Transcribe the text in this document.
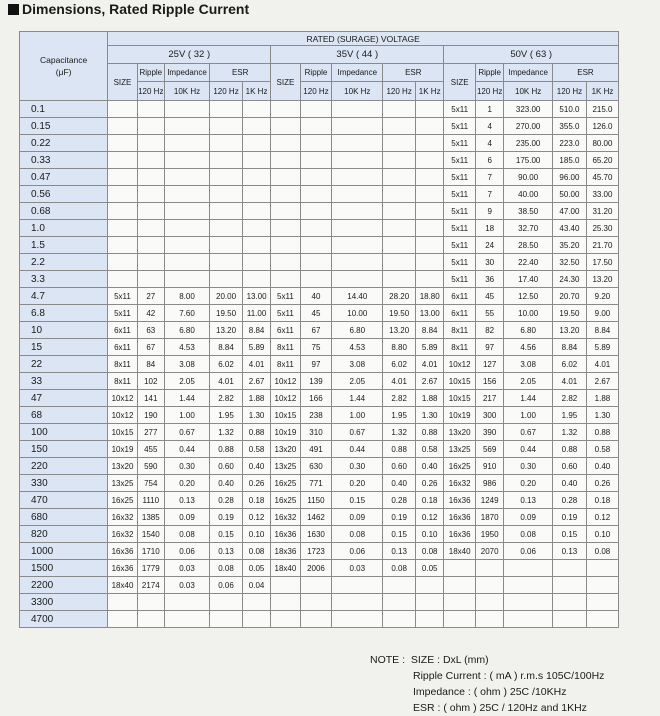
Dimensions, Rated Ripple Current
Capacitance
(μF)	RATED (SURAGE) VOLTAGE														
	25V ( 32 )					35V ( 44 )					50V ( 63 )				
	SIZE	Ripple	Impedance	ESR		SIZE	Ripple	Impedance	ESR		SIZE	Ripple	Impedance	ESR	
		120 Hz	10K Hz	120 Hz	1K Hz		120 Hz	10K Hz	120 Hz	1K Hz		120 Hz	10K Hz	120 Hz	1K Hz
0.1											5x11	1	323.00	510.0	215.0
0.15											5x11	4	270.00	355.0	126.0
0.22											5x11	4	235.00	223.0	80.00
0.33											5x11	6	175.00	185.0	65.20
0.47											5x11	7	90.00	96.00	45.70
0.56											5x11	7	40.00	50.00	33.00
0.68											5x11	9	38.50	47.00	31.20
1.0											5x11	18	32.70	43.40	25.30
1.5											5x11	24	28.50	35.20	21.70
2.2											5x11	30	22.40	32.50	17.50
3.3											5x11	36	17.40	24.30	13.20
4.7	5x11	27	8.00	20.00	13.00	5x11	40	14.40	28.20	18.80	6x11	45	12.50	20.70	9.20
6.8	5x11	42	7.60	19.50	11.00	5x11	45	10.00	19.50	13.00	6x11	55	10.00	19.50	9.00
10	6x11	63	6.80	13.20	8.84	6x11	67	6.80	13.20	8.84	8x11	82	6.80	13.20	8.84
15	6x11	67	4.53	8.84	5.89	8x11	75	4.53	8.80	5.89	8x11	97	4.56	8.84	5.89
22	8x11	84	3.08	6.02	4.01	8x11	97	3.08	6.02	4.01	10x12	127	3.08	6.02	4.01
33	8x11	102	2.05	4.01	2.67	10x12	139	2.05	4.01	2.67	10x15	156	2.05	4.01	2.67
47	10x12	141	1.44	2.82	1.88	10x12	166	1.44	2.82	1.88	10x15	217	1.44	2.82	1.88
68	10x12	190	1.00	1.95	1.30	10x15	238	1.00	1.95	1.30	10x19	300	1.00	1.95	1.30
100	10x15	277	0.67	1.32	0.88	10x19	310	0.67	1.32	0.88	13x20	390	0.67	1.32	0.88
150	10x19	455	0.44	0.88	0.58	13x20	491	0.44	0.88	0.58	13x25	569	0.44	0.88	0.58
220	13x20	590	0.30	0.60	0.40	13x25	630	0.30	0.60	0.40	16x25	910	0.30	0.60	0.40
330	13x25	754	0.20	0.40	0.26	16x25	771	0.20	0.40	0.26	16x32	986	0.20	0.40	0.26
470	16x25	1110	0.13	0.28	0.18	16x25	1150	0.15	0.28	0.18	16x36	1249	0.13	0.28	0.18
680	16x32	1385	0.09	0.19	0.12	16x32	1462	0.09	0.19	0.12	16x36	1870	0.09	0.19	0.12
820	16x32	1540	0.08	0.15	0.10	16x36	1630	0.08	0.15	0.10	16x36	1950	0.08	0.15	0.10
1000	16x36	1710	0.06	0.13	0.08	18x36	1723	0.06	0.13	0.08	18x40	2070	0.06	0.13	0.08
1500	16x36	1779	0.03	0.08	0.05	18x40	2006	0.03	0.08	0.05					
2200	18x40	2174	0.03	0.06	0.04										
3300															
4700															
NOTE : SIZE : DxL (mm)
Ripple Current : ( mA ) r.m.s 105C/100Hz
Impedance : ( ohm ) 25C /10KHz
ESR : ( ohm ) 25C / 120Hz and 1KHz
